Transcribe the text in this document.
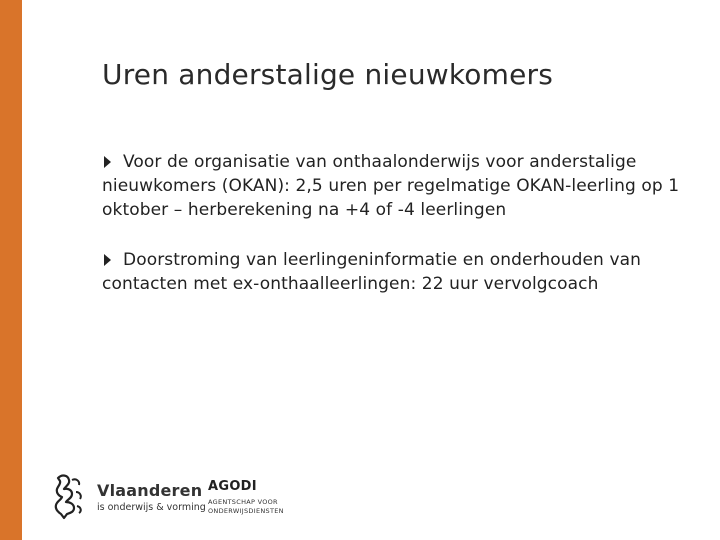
Uren anderstalige nieuwkomers
Voor de organisatie van onthaalonderwijs voor anderstalige nieuwkomers (OKAN): 2,5 uren per regelmatige OKAN-leerling op 1 oktober – herberekening na +4 of -4 leerlingen
Doorstroming van leerlingeninformatie en onderhouden van contacten met ex-onthaalleerlingen: 22 uur vervolgcoach
Vlaanderen
is onderwijs & vorming
AGODI
AGENTSCHAP VOOR ONDERWIJSDIENSTEN
